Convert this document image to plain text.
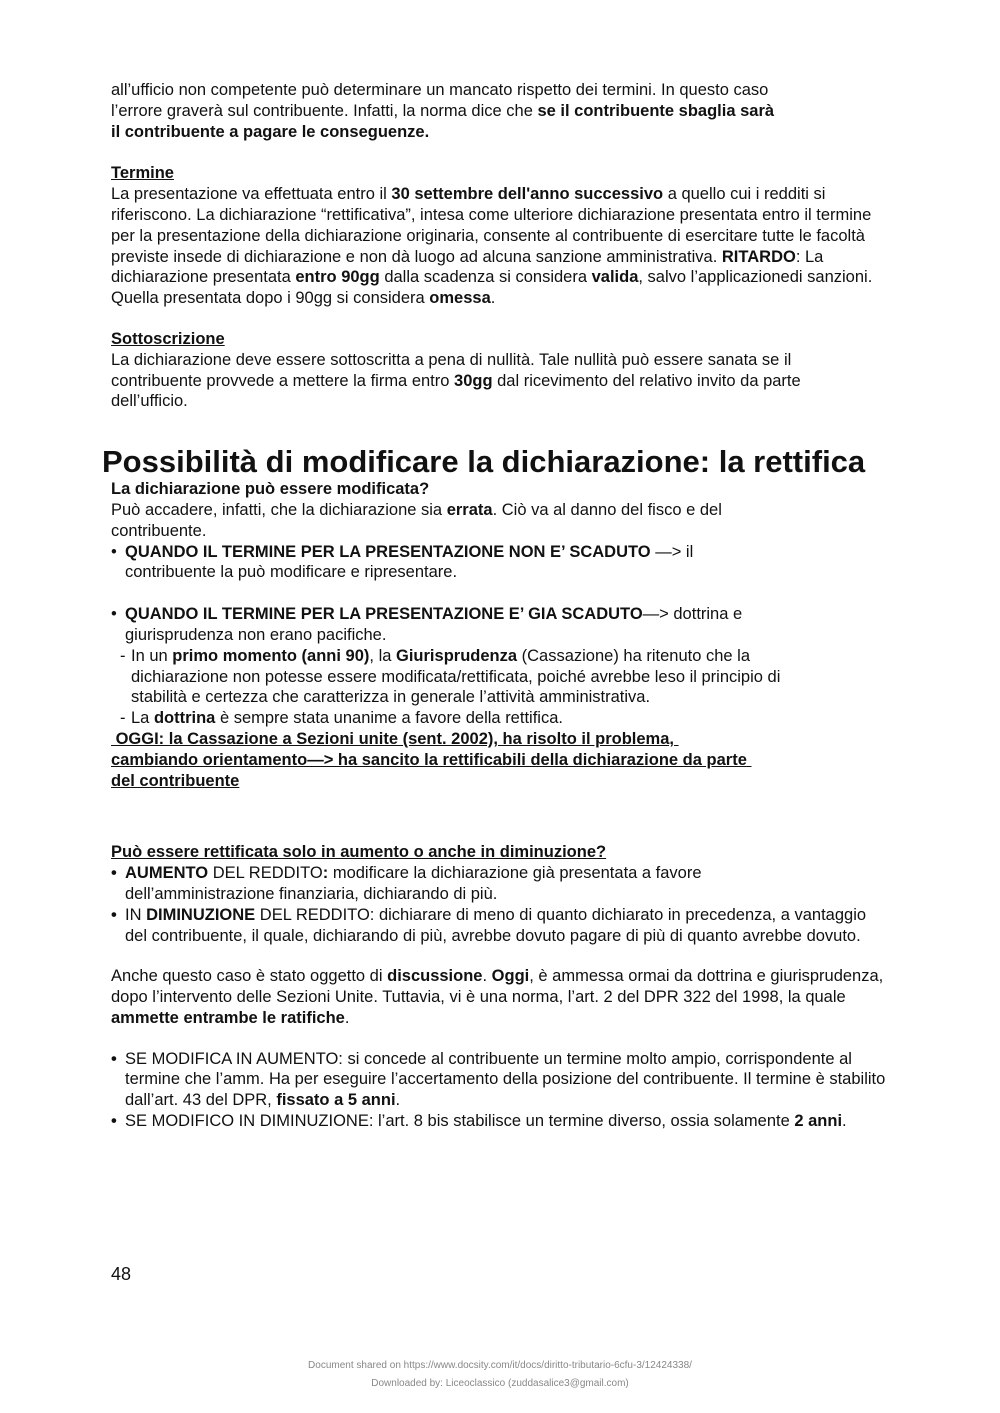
all’ufficio non competente può determinare un mancato rispetto dei termini. In questo caso l’errore graverà sul contribuente. Infatti, la norma dice che se il contribuente sbaglia sarà il contribuente a pagare le conseguenze.

Termine

La presentazione va effettuata entro il 30 settembre dell'anno successivo a quello cui i redditi si riferiscono. La dichiarazione “rettificativa”, intesa come ulteriore dichiarazione presentata entro il termine per la presentazione della dichiarazione originaria, consente al contribuente di esercitare tutte le facoltà previste insede di dichiarazione e non dà luogo ad alcuna sanzione amministrativa. RITARDO: La dichiarazione presentata entro 90gg dalla scadenza si considera valida, salvo l’applicazionedi sanzioni. Quella presentata dopo i 90gg si considera omessa.

Sottoscrizione

La dichiarazione deve essere sottoscritta a pena di nullità. Tale nullità può essere sanata se il contribuente provvede a mettere la firma entro 30gg dal ricevimento del relativo invito da parte dell’ufficio.

Possibilità di modificare la dichiarazione: la rettifica
La dichiarazione può essere modificata?

Può accadere, infatti, che la dichiarazione sia errata. Ciò va al danno del fisco e del contribuente.

• QUANDO IL TERMINE PER LA PRESENTAZIONE NON E’ SCADUTO —> il contribuente la può modificare e ripresentare.
• QUANDO IL TERMINE PER LA PRESENTAZIONE E’ GIA SCADUTO—> dottrina e giurisprudenza non erano pacifiche.
- In un primo momento (anni 90), la Giurisprudenza (Cassazione) ha ritenuto che la dichiarazione non potesse essere modificata/rettificata, poiché avrebbe leso il principio di stabilità e certezza che caratterizza in generale l’attività amministrativa.
- La dottrina è sempre stata unanime a favore della rettifica.
OGGI: la Cassazione a Sezioni unite (sent. 2002), ha risolto il problema, cambiando orientamento—> ha sancito la rettificabili della dichiarazione da parte del contribuente
Può essere rettificata solo in aumento o anche in diminuzione?
• AUMENTO DEL REDDITO: modificare la dichiarazione già presentata a favore dell’amministrazione finanziaria, dichiarando di più.
• IN DIMINUZIONE DEL REDDITO: dichiarare di meno di quanto dichiarato in precedenza, a vantaggio del contribuente, il quale, dichiarando di più, avrebbe dovuto pagare di più di quanto avrebbe dovuto.

Anche questo caso è stato oggetto di discussione. Oggi, è ammessa ormai da dottrina e giurisprudenza, dopo l’intervento delle Sezioni Unite. Tuttavia, vi è una norma, l’art. 2 del DPR 322 del 1998, la quale ammette entrambe le ratifiche.

• SE MODIFICA IN AUMENTO: si concede al contribuente un termine molto ampio, corrispondente al termine che l’amm. Ha per eseguire l’accertamento della posizione del contribuente. Il termine è stabilito dall’art. 43 del DPR, fissato a 5 anni.
• SE MODIFICO IN DIMINUZIONE: l’art. 8 bis stabilisce un termine diverso, ossia solamente 2 anni.
48
Document shared on https://www.docsity.com/it/docs/diritto-tributario-6cfu-3/12424338/
Downloaded by: Liceoclassico (zuddasalice3@gmail.com)
